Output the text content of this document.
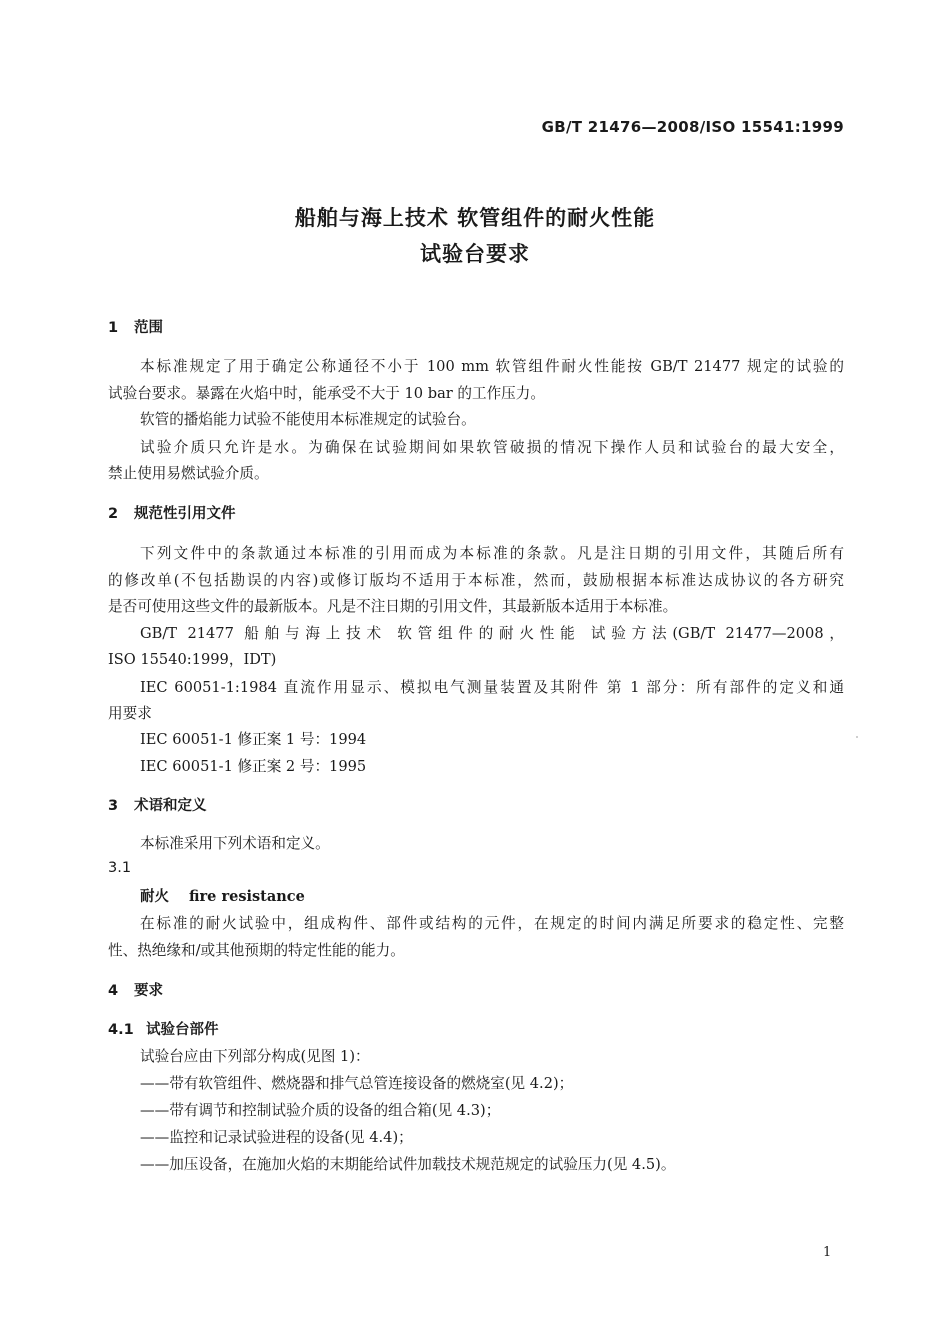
GB/T 21476—2008/ISO 15541:1999
船舶与海上技术 软管组件的耐火性能
试验台要求
1 范围
本标准规定了用于确定公称通径不小于 100 mm 软管组件耐火性能按 GB/T 21477 规定的试验的
试验台要求。暴露在火焰中时，能承受不大于 10 bar 的工作压力。
软管的播焰能力试验不能使用本标准规定的试验台。
试验介质只允许是水。为确保在试验期间如果软管破损的情况下操作人员和试验台的最大安全，
禁止使用易燃试验介质。
2 规范性引用文件
下列文件中的条款通过本标准的引用而成为本标准的条款。凡是注日期的引用文件，其随后所有
的修改单(不包括勘误的内容)或修订版均不适用于本标准，然而，鼓励根据本标准达成协议的各方研究
是否可使用这些文件的最新版本。凡是不注日期的引用文件，其最新版本适用于本标准。
GB/T 21477 船舶与海上技术 软管组件的耐火性能 试验方法(GB/T 21477—2008，
ISO 15540:1999，IDT)
IEC 60051-1:1984 直流作用显示、模拟电气测量装置及其附件 第 1 部分：所有部件的定义和通
用要求
IEC 60051-1 修正案 1 号：1994
IEC 60051-1 修正案 2 号：1995
3 术语和定义
本标准采用下列术语和定义。
3.1
耐火 fire resistance
在标准的耐火试验中，组成构件、部件或结构的元件，在规定的时间内满足所要求的稳定性、完整
性、热绝缘和/或其他预期的特定性能的能力。
4 要求
4.1 试验台部件
试验台应由下列部分构成(见图 1)：
——带有软管组件、燃烧器和排气总管连接设备的燃烧室(见 4.2)；
——带有调节和控制试验介质的设备的组合箱(见 4.3)；
——监控和记录试验进程的设备(见 4.4)；
——加压设备，在施加火焰的末期能给试件加载技术规范规定的试验压力(见 4.5)。
1
